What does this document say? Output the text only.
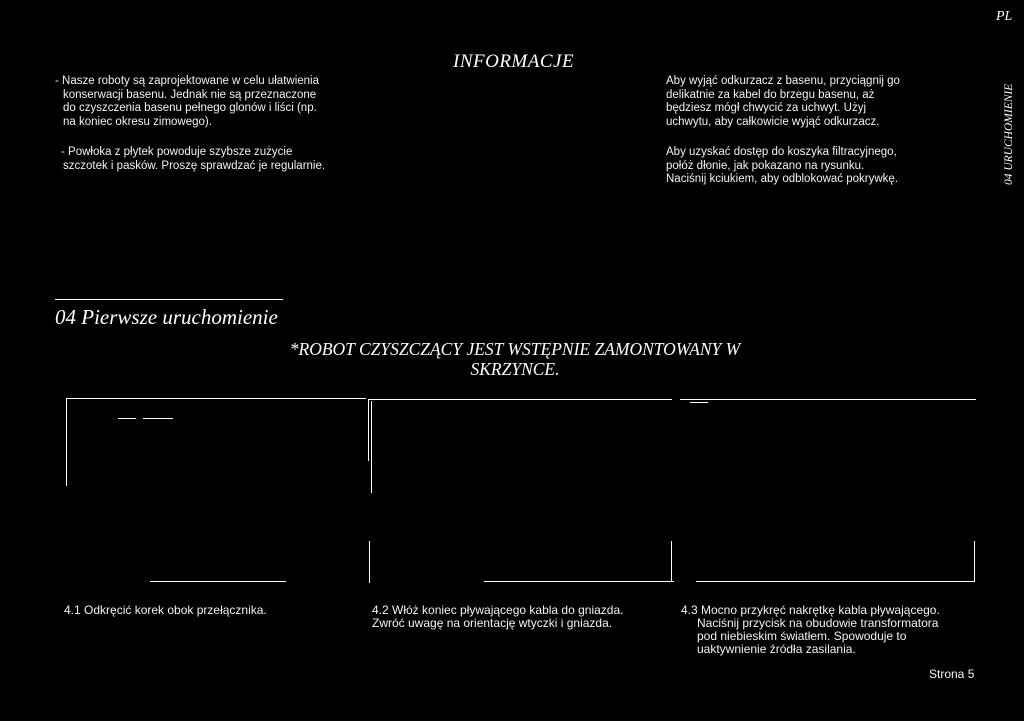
PL
INFORMACJE
04 URUCHOMIENIE

- Nasze roboty są zaprojektowane w celu ułatwienia

konserwacji basenu. Jednak nie są przeznaczone

do czyszczenia basenu pełnego glonów i liści (np.

na koniec okresu zimowego).

- Powłoka z płytek powoduje szybsze zużycie

szczotek i pasków. Proszę sprawdzać je regularnie.

Aby wyjąć odkurzacz z basenu, przyciągnij go

delikatnie za kabel do brzegu basenu, aż

będziesz mógł chwycić za uchwyt. Użyj

uchwytu, aby całkowicie wyjąć odkurzacz.

Aby uzyskać dostęp do koszyka filtracyjnego,

połóż dłonie, jak pokazano na rysunku.

Naciśnij kciukiem, aby odblokować pokrywkę.

04 Pierwsze uruchomienie
*ROBOT CZYSZCZĄCY JEST WSTĘPNIE ZAMONTOWANY W
SKRZYNCE.
4.1 Odkręcić korek obok przełącznika.	4.2 Włóż koniec pływającego kabla do gniazda.
Zwróć uwagę na orientację wtyczki i gniazda.
4.3 Mocno przykręć nakrętkę kabla pływającego.
Naciśnij przycisk na obudowie transformatora
pod niebieskim światłem. Spowoduje to
uaktywnienie źródła zasilania.
Strona 5
